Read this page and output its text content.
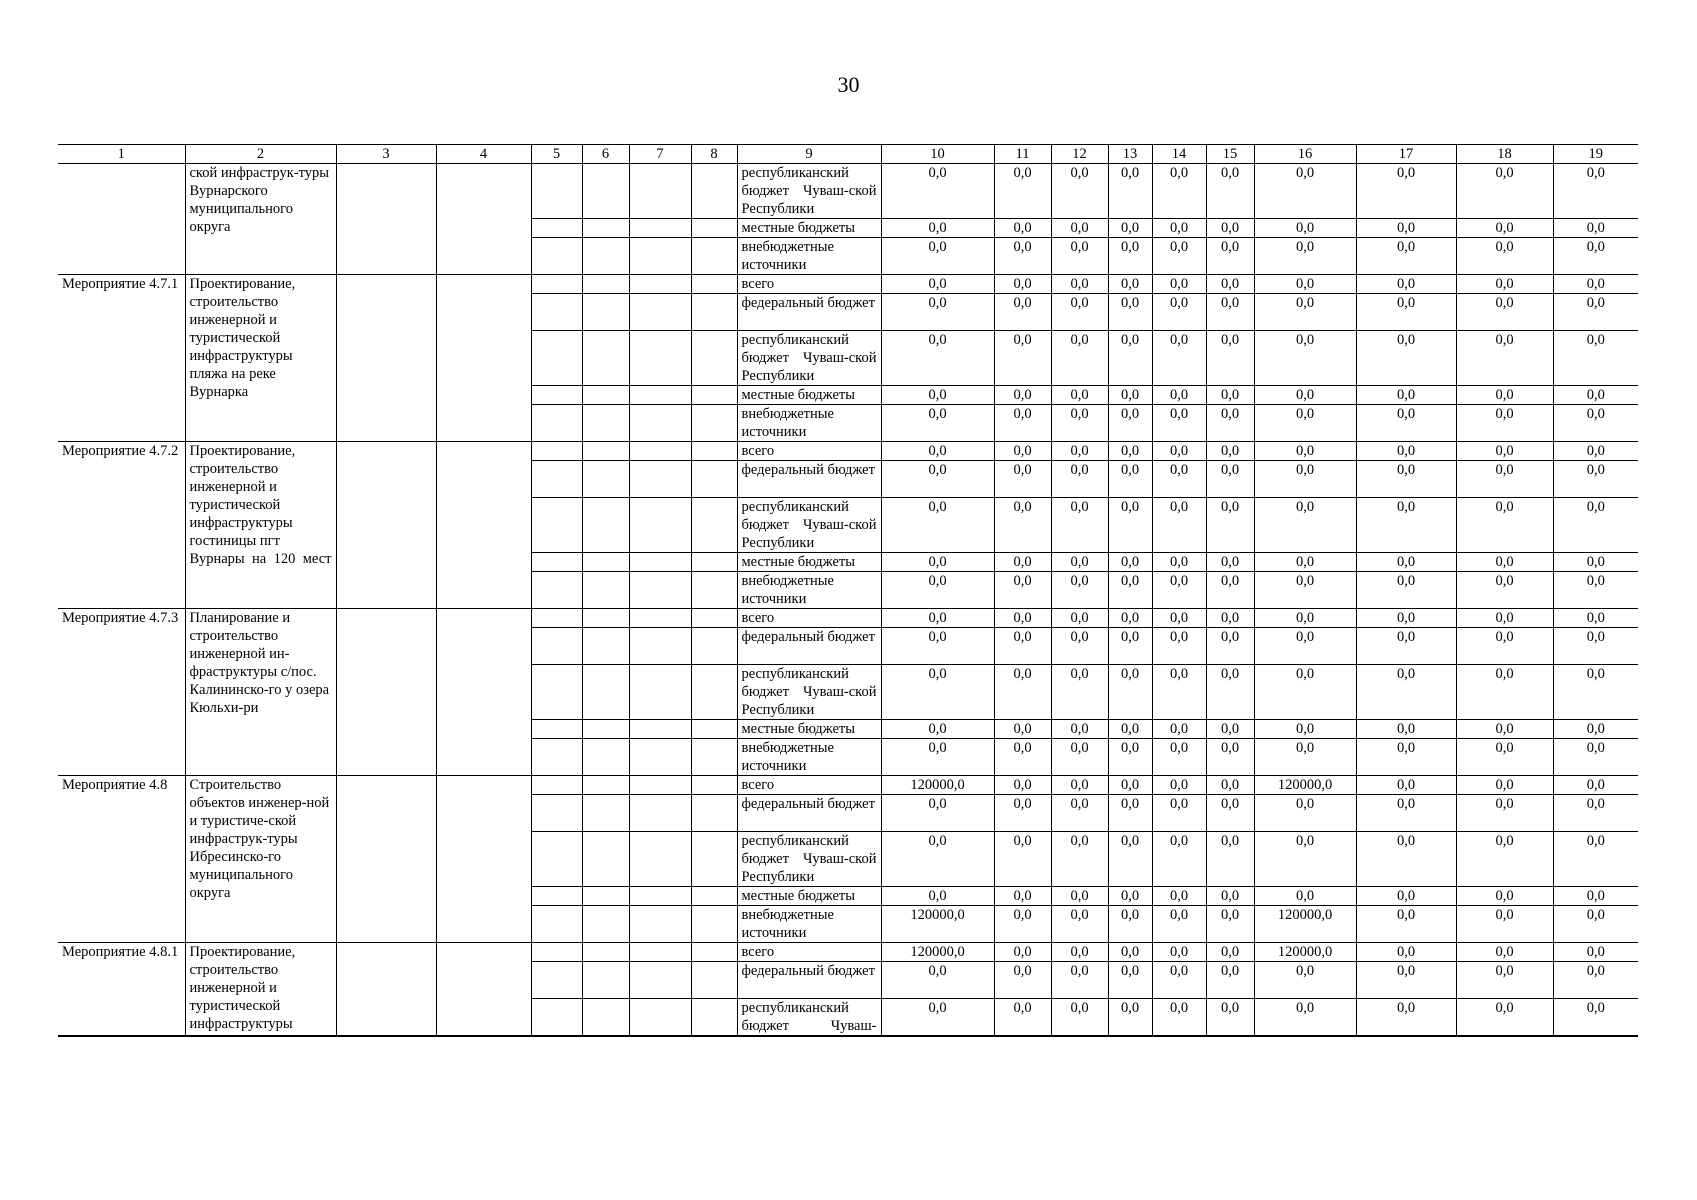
30
1	2	3	4	5	6	7	8	9	10	11	12	13	14	15	16	17	18	19
	ской инфраструк-туры Вурнарского муниципального округа							республиканский бюджет Чуваш-ской Республики	0,0	0,0	0,0	0,0	0,0	0,0	0,0	0,0	0,0	0,0
								местные бюджеты	0,0	0,0	0,0	0,0	0,0	0,0	0,0	0,0	0,0	0,0
								внебюджетные источники	0,0	0,0	0,0	0,0	0,0	0,0	0,0	0,0	0,0	0,0
Мероприятие 4.7.1	Проектирование, строительство инженерной и туристической инфраструктуры пляжа на реке Вурнарка							всего	0,0	0,0	0,0	0,0	0,0	0,0	0,0	0,0	0,0	0,0
								федеральный бюджет	0,0	0,0	0,0	0,0	0,0	0,0	0,0	0,0	0,0	0,0
								республиканский бюджет Чуваш-ской Республики	0,0	0,0	0,0	0,0	0,0	0,0	0,0	0,0	0,0	0,0
								местные бюджеты	0,0	0,0	0,0	0,0	0,0	0,0	0,0	0,0	0,0	0,0
								внебюджетные источники	0,0	0,0	0,0	0,0	0,0	0,0	0,0	0,0	0,0	0,0
Мероприятие 4.7.2	Проектирование, строительство инженерной и туристической инфраструктуры гостиницы пгт Вурнары на 120 мест							всего	0,0	0,0	0,0	0,0	0,0	0,0	0,0	0,0	0,0	0,0
								федеральный бюджет	0,0	0,0	0,0	0,0	0,0	0,0	0,0	0,0	0,0	0,0
								республиканский бюджет Чуваш-ской Республики	0,0	0,0	0,0	0,0	0,0	0,0	0,0	0,0	0,0	0,0
								местные бюджеты	0,0	0,0	0,0	0,0	0,0	0,0	0,0	0,0	0,0	0,0
								внебюджетные источники	0,0	0,0	0,0	0,0	0,0	0,0	0,0	0,0	0,0	0,0
Мероприятие 4.7.3	Планирование и строительство инженерной ин-фраструктуры с/пос. Калининско-го у озера Кюльхи-ри							всего	0,0	0,0	0,0	0,0	0,0	0,0	0,0	0,0	0,0	0,0
								федеральный бюджет	0,0	0,0	0,0	0,0	0,0	0,0	0,0	0,0	0,0	0,0
								республиканский бюджет Чуваш-ской Республики	0,0	0,0	0,0	0,0	0,0	0,0	0,0	0,0	0,0	0,0
								местные бюджеты	0,0	0,0	0,0	0,0	0,0	0,0	0,0	0,0	0,0	0,0
								внебюджетные источники	0,0	0,0	0,0	0,0	0,0	0,0	0,0	0,0	0,0	0,0
Мероприятие 4.8	Строительство объектов инженер-ной и туристиче-ской инфраструк-туры Ибресинско-го муниципального округа							всего	120000,0	0,0	0,0	0,0	0,0	0,0	120000,0	0,0	0,0	0,0
								федеральный бюджет	0,0	0,0	0,0	0,0	0,0	0,0	0,0	0,0	0,0	0,0
								республиканский бюджет Чуваш-ской Республики	0,0	0,0	0,0	0,0	0,0	0,0	0,0	0,0	0,0	0,0
								местные бюджеты	0,0	0,0	0,0	0,0	0,0	0,0	0,0	0,0	0,0	0,0
								внебюджетные источники	120000,0	0,0	0,0	0,0	0,0	0,0	120000,0	0,0	0,0	0,0
Мероприятие 4.8.1	Проектирование, строительство инженерной и туристической инфраструктуры							всего	120000,0	0,0	0,0	0,0	0,0	0,0	120000,0	0,0	0,0	0,0
								федеральный бюджет	0,0	0,0	0,0	0,0	0,0	0,0	0,0	0,0	0,0	0,0
								республиканский бюджет Чуваш-	0,0	0,0	0,0	0,0	0,0	0,0	0,0	0,0	0,0	0,0
